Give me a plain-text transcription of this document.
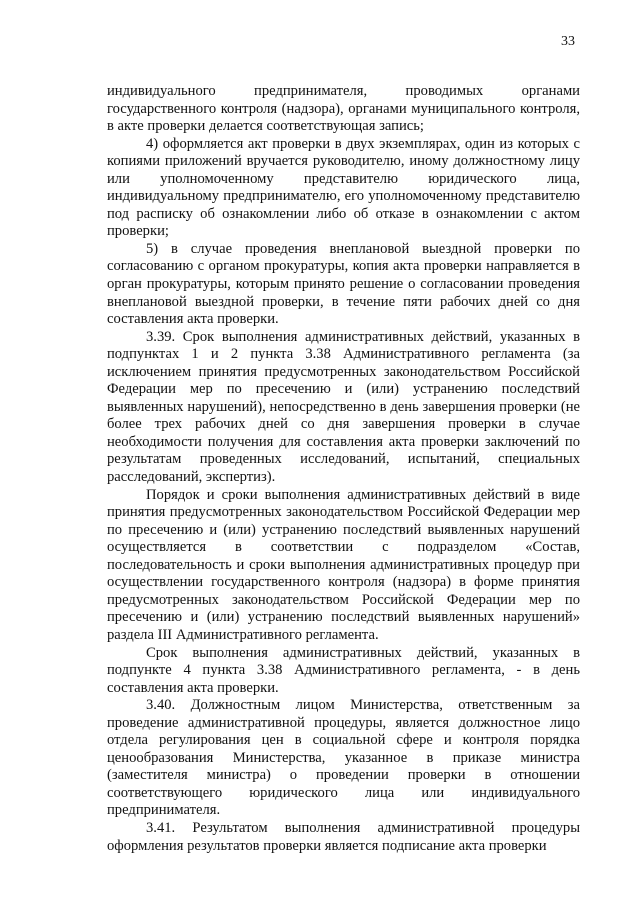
33

индивидуального предпринимателя, проводимых органами государственного контроля (надзора), органами муниципального контроля, в акте проверки делается соответствующая запись;

4) оформляется акт проверки в двух экземплярах, один из которых с копиями приложений вручается руководителю, иному должностному лицу или уполномоченному представителю юридического лица, индивидуальному предпринимателю, его уполномоченному представителю под расписку об ознакомлении либо об отказе в ознакомлении с актом проверки;

5) в случае проведения внеплановой выездной проверки по согласованию с органом прокуратуры, копия акта проверки направляется в орган прокуратуры, которым принято решение о согласовании проведения внеплановой выездной проверки, в течение пяти рабочих дней со дня составления акта проверки.

3.39. Срок выполнения административных действий, указанных в подпунктах 1 и 2 пункта 3.38 Административного регламента (за исключением принятия предусмотренных законодательством Российской Федерации мер по пресечению и (или) устранению последствий выявленных нарушений), непосредственно в день завершения проверки (не более трех рабочих дней со дня завершения проверки в случае необходимости получения для составления акта проверки заключений по результатам проведенных исследований, испытаний, специальных расследований, экспертиз).

Порядок и сроки выполнения административных действий в виде принятия предусмотренных законодательством Российской Федерации мер по пресечению и (или) устранению последствий выявленных нарушений осуществляется в соответствии с подразделом «Состав, последовательность и сроки выполнения административных процедур при осуществлении государственного контроля (надзора) в форме принятия предусмотренных законодательством Российской Федерации мер по пресечению и (или) устранению последствий выявленных нарушений» раздела III Административного регламента.

Срок выполнения административных действий, указанных в подпункте 4 пункта 3.38 Административного регламента, - в день составления акта проверки.

3.40. Должностным лицом Министерства, ответственным за проведение административной процедуры, является должностное лицо отдела регулирования цен в социальной сфере и контроля порядка ценообразования Министерства, указанное в приказе министра (заместителя министра) о проведении проверки в отношении соответствующего юридического лица или индивидуального предпринимателя.

3.41. Результатом выполнения административной процедуры оформления результатов проверки является подписание акта проверки
